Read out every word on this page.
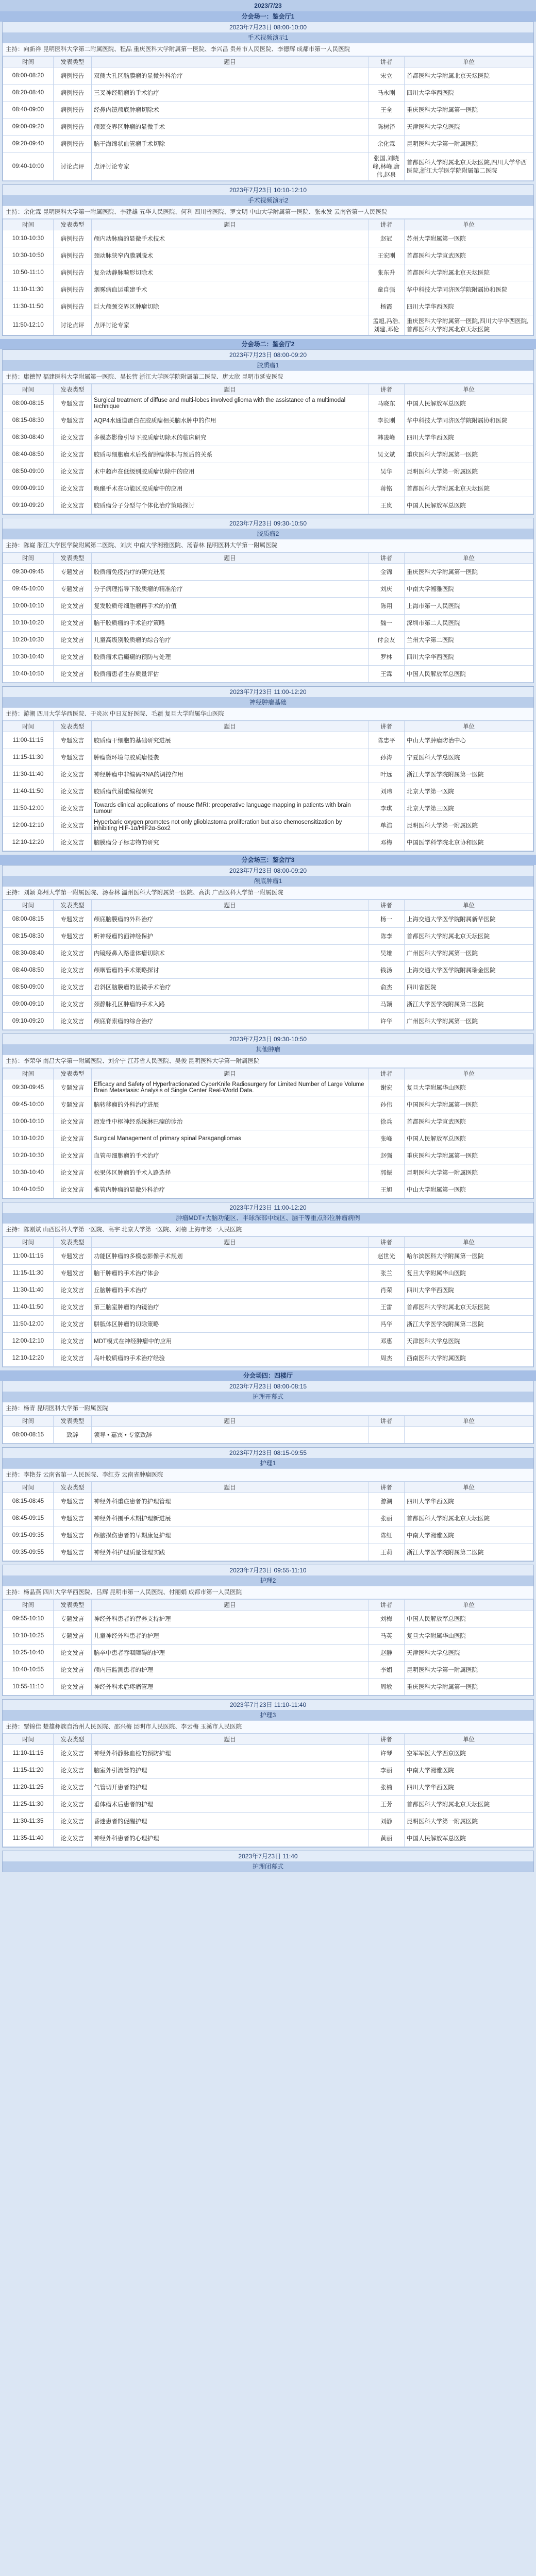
2023/7/23
分会场一：鉴会厅1
2023年7月23日 08:00-10:00
手术视频演示1
主持：向新祥 昆明医科大学第二附属医院、程品 重庆医科大学附属第一医院、李兴昌 贵州市人民医院、李德辉 成都市第一人民医院
时间	发表类型	题目	讲者	单位
08:00-08:20	病例报告	双侧大孔区脑膜瘤的显微外科治疗	宋立	首都医科大学附属北京天坛医院
08:20-08:40	病例报告	三叉神经鞘瘤的手术治疗	马永刚	四川大学华西医院
08:40-09:00	病例报告	经鼻内镜颅底肿瘤切除术	王全	重庆医科大学附属第一医院
09:00-09:20	病例报告	颅颈交界区肿瘤的显微手术	陈树泽	天津医科大学总医院
09:20-09:40	病例报告	脑干海绵状血管瘤手术切除	余化霖	昆明医科大学第一附属医院
09:40-10:00	讨论点评	点评讨论专家	张国,刘晓峰,林峰,唐伟,赵泉	首都医科大学附属北京天坛医院,四川大学华西医院,浙江大学医学院附属第二医院
2023年7月23日 10:10-12:10
手术视频演示2
主持：余化霖 昆明医科大学第一附属医院、李建雄 五华人民医院、何利 四川省医院、罗文明 中山大学附属第一医院、张永发 云南省第一人民医院
时间	发表类型	题目	讲者	单位
10:10-10:30	病例报告	颅内动脉瘤的显微手术技术	赵冠	苏州大学附属第一医院
10:30-10:50	病例报告	颈动脉狭窄内膜剥脱术	王宏刚	首都医科大学宣武医院
10:50-11:10	病例报告	复杂动静脉畸形切除术	张东升	首都医科大学附属北京天坛医院
11:10-11:30	病例报告	烟雾病血运重建手术	童自强	华中科技大学同济医学院附属协和医院
11:30-11:50	病例报告	巨大颅颈交界区肿瘤切除	杨霞	四川大学华西医院
11:50-12:10	讨论点评	点评讨论专家	孟旭,冯浩,刘建,邓伦	重庆医科大学附属第一医院,四川大学华西医院,首都医科大学附属北京天坛医院
分会场二：鉴会厅2
2023年7月23日 08:00-09:20
胶质瘤1
主持：康德智 福建医科大学附属第一医院、吴长营 浙江大学医学院附属第二医院、唐太欣 昆明市延安医院
时间	发表类型	题目	讲者	单位
08:00-08:15	专题发言	Surgical treatment of diffuse and multi-lobes involved glioma with the assistance of a multimodal technique	马晓东	中国人民解放军总医院
08:15-08:30	专题发言	AQP4水通道蛋白在胶质瘤相关脑水肿中的作用	李长刚	华中科技大学同济医学院附属协和医院
08:30-08:40	论文发言	多模态影像引导下胶质瘤切除术的临床研究	韩凌峰	四川大学华西医院
08:40-08:50	论文发言	胶质母细胞瘤术后残留肿瘤体积与预后的关系	吴文斌	重庆医科大学附属第一医院
08:50-09:00	论文发言	术中超声在低级别胶质瘤切除中的应用	吴华	昆明医科大学第一附属医院
09:00-09:10	论文发言	唤醒手术在功能区胶质瘤中的应用	蒋铭	首都医科大学附属北京天坛医院
09:10-09:20	论文发言	胶质瘤分子分型与个体化治疗策略探讨	王岚	中国人民解放军总医院
2023年7月23日 09:30-10:50
胶质瘤2
主持：陈嶷 浙江大学医学院附属第二医院、刘庆 中南大学湘雅医院、汤春林 昆明医科大学第一附属医院
时间	发表类型	题目	讲者	单位
09:30-09:45	专题发言	胶质瘤免疫治疗的研究进展	金锦	重庆医科大学附属第一医院
09:45-10:00	专题发言	分子病理指导下胶质瘤的精准治疗	刘庆	中南大学湘雅医院
10:00-10:10	论文发言	复发胶质母细胞瘤再手术的价值	陈翔	上海市第一人民医院
10:10-10:20	论文发言	脑干胶质瘤的手术治疗策略	魏一	深圳市第二人民医院
10:20-10:30	论文发言	儿童高级别胶质瘤的综合治疗	付会友	兰州大学第二医院
10:30-10:40	论文发言	胶质瘤术后癫痫的预防与处理	罗林	四川大学华西医院
10:40-10:50	论文发言	胶质瘤患者生存质量评估	王霖	中国人民解放军总医院
2023年7月23日 11:00-12:20
神经肿瘤基础
主持：游潮 四川大学华西医院、于炎冰 中日友好医院、毛颖 复旦大学附属华山医院
时间	发表类型	题目	讲者	单位
11:00-11:15	专题发言	胶质瘤干细胞的基础研究进展	陈忠平	中山大学肿瘤防治中心
11:15-11:30	专题发言	肿瘤微环境与胶质瘤侵袭	孙涛	宁夏医科大学总医院
11:30-11:40	论文发言	神经肿瘤中非编码RNA的调控作用	叶远	浙江大学医学院附属第一医院
11:40-11:50	论文发言	胶质瘤代谢重编程研究	刘玮	北京大学第一医院
11:50-12:00	论文发言	Towards clinical applications of mouse fMRI: preoperative language mapping in patients with brain tumour	李琪	北京大学第三医院
12:00-12:10	论文发言	Hyperbaric oxygen promotes not only glioblastoma proliferation but also chemosensitization by inhibiting HIF-1α/HIF2α-Sox2	单浩	昆明医科大学第一附属医院
12:10-12:20	论文发言	脑膜瘤分子标志物的研究	邓梅	中国医学科学院北京协和医院
分会场三：鉴会厅3
2023年7月23日 08:00-09:20
颅底肿瘤1
主持：刘颖 郑州大学第一附属医院、汤春林 温州医科大学附属第一医院、高洪 广西医科大学第一附属医院
时间	发表类型	题目	讲者	单位
08:00-08:15	专题发言	颅底脑膜瘤的外科治疗	杨一	上海交通大学医学院附属新华医院
08:15-08:30	专题发言	听神经瘤的面神经保护	陈李	首都医科大学附属北京天坛医院
08:30-08:40	论文发言	内镜经鼻入路垂体瘤切除术	吴雄	广州医科大学附属第一医院
08:40-08:50	论文发言	颅咽管瘤的手术策略探讨	钱汤	上海交通大学医学院附属瑞金医院
08:50-09:00	论文发言	岩斜区脑膜瘤的显微手术治疗	俞杰	四川省医院
09:00-09:10	论文发言	颈静脉孔区肿瘤的手术入路	马颖	浙江大学医学院附属第二医院
09:10-09:20	论文发言	颅底脊索瘤的综合治疗	许华	广州医科大学附属第一医院
2023年7月23日 09:30-10:50
其他肿瘤
主持：李荣华 南昌大学第一附属医院、刘介宁 江苏省人民医院、吴俊 昆明医科大学第一附属医院
时间	发表类型	题目	讲者	单位
09:30-09:45	专题发言	Efficacy and Safety of Hyperfractionated CyberKnife Radiosurgery for Limited Number of Large Volume Brain Metastasis: Analysis of Single Center Real-World Data.	谢宏	复旦大学附属华山医院
09:45-10:00	专题发言	脑转移瘤的外科治疗进展	孙伟	中国医科大学附属第一医院
10:00-10:10	论文发言	原发性中枢神经系统淋巴瘤的诊治	徐兵	首都医科大学宣武医院
10:10-10:20	论文发言	Surgical Management of primary spinal Paragangliomas	张峰	中国人民解放军总医院
10:20-10:30	论文发言	血管母细胞瘤的手术治疗	赵强	重庆医科大学附属第一医院
10:30-10:40	论文发言	松果体区肿瘤的手术入路选择	郭振	昆明医科大学第一附属医院
10:40-10:50	论文发言	椎管内肿瘤的显微外科治疗	王旭	中山大学附属第一医院
2023年7月23日 11:00-12:20
肿瘤MDT+大脑功能区、半球深部中线区、脑干等重点部位肿瘤病例
主持：陈刚斌 山西医科大学第一医院、高宇 北京大学第一医院、刘楠 上海市第一人民医院
时间	发表类型	题目	讲者	单位
11:00-11:15	专题发言	功能区肿瘤的多模态影像手术规划	赵世光	哈尔滨医科大学附属第一医院
11:15-11:30	专题发言	脑干肿瘤的手术治疗体会	张兰	复旦大学附属华山医院
11:30-11:40	论文发言	丘脑肿瘤的手术治疗	肖荣	四川大学华西医院
11:40-11:50	论文发言	第三脑室肿瘤的内镜治疗	王雷	首都医科大学附属北京天坛医院
11:50-12:00	论文发言	胼胝体区肿瘤的切除策略	冯华	浙江大学医学院附属第二医院
12:00-12:10	论文发言	MDT模式在神经肿瘤中的应用	邓惠	天津医科大学总医院
12:10-12:20	论文发言	岛叶胶质瘤的手术治疗经验	周杰	西南医科大学附属医院
分会场四：四楼厅
2023年7月23日 08:00-08:15
护理开幕式
主持：杨青 昆明医科大学第一附属医院
时间	发表类型	题目	讲者	单位
08:00-08:15	致辞	领导 • 嘉宾 • 专家致辞		
2023年7月23日 08:15-09:55
护理1
主持：李艳芬 云南省第一人民医院、李红芬 云南省肿瘤医院
时间	发表类型	题目	讲者	单位
08:15-08:45	专题发言	神经外科重症患者的护理管理	游潮	四川大学华西医院
08:45-09:15	专题发言	神经外科围手术期护理新进展	张丽	首都医科大学附属北京天坛医院
09:15-09:35	专题发言	颅脑损伤患者的早期康复护理	陈红	中南大学湘雅医院
09:35-09:55	专题发言	神经外科护理质量管理实践	王莉	浙江大学医学院附属第二医院
2023年7月23日 09:55-11:10
护理2
主持：杨晶燕 四川大学华西医院、吕辉 昆明市第一人民医院、付丽娟 成都市第一人民医院
时间	发表类型	题目	讲者	单位
09:55-10:10	专题发言	神经外科患者的营养支持护理	刘梅	中国人民解放军总医院
10:10-10:25	专题发言	儿童神经外科患者的护理	马英	复旦大学附属华山医院
10:25-10:40	论文发言	脑卒中患者吞咽障碍的护理	赵静	天津医科大学总医院
10:40-10:55	论文发言	颅内压监测患者的护理	李娟	昆明医科大学第一附属医院
10:55-11:10	论文发言	神经外科术后疼痛管理	周敏	重庆医科大学附属第一医院
2023年7月23日 11:10-11:40
护理3
主持：覃锦佳 楚雄彝族自治州人民医院、邵兴梅 昆明市人民医院、李云梅 玉溪市人民医院
时间	发表类型	题目	讲者	单位
11:10-11:15	论文发言	神经外科静脉血栓的预防护理	许琴	空军军医大学西京医院
11:15-11:20	论文发言	脑室外引流管的护理	李丽	中南大学湘雅医院
11:20-11:25	论文发言	气管切开患者的护理	张楠	四川大学华西医院
11:25-11:30	论文发言	垂体瘤术后患者的护理	王芳	首都医科大学附属北京天坛医院
11:30-11:35	论文发言	昏迷患者的促醒护理	刘静	昆明医科大学第一附属医院
11:35-11:40	论文发言	神经外科患者的心理护理	黄丽	中国人民解放军总医院
2023年7月23日 11:40
护理闭幕式
